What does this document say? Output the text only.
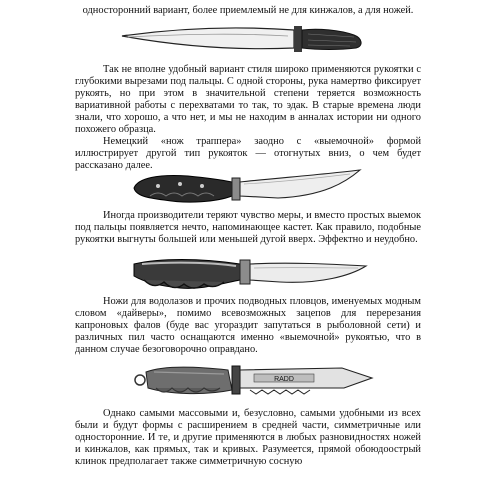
односторонний вариант, более приемлемый не для кинжалов, а для ножей.
Так не вполне удобный вариант стиля широко применяются рукоятки с глубокими вырезами под пальцы. С одной стороны, рука намертво фиксирует рукоять, но при этом в значительной степени теряется возможность вариативной работы с перехватами то так, то эдак. В старые времена люди знали, что хорошо, а что нет, и мы не находим в анналах истории ни одного похожего образца.
Немецкий «нож траппера» заодно с «выемочной» формой иллюстрирует другой тип рукояток — отогнутых вниз, о чем будет рассказано далее.
Иногда производители теряют чувство меры, и вместо простых выемок под пальцы появляется нечто, напоминающее кастет. Как правило, подобные рукоятки выгнуты большей или меньшей дугой вверх. Эффектно и неудобно.
Ножи для водолазов и прочих подводных пловцов, именуемых модным словом «дайверы», помимо всевозможных зацепов для перерезания капроновых фалов (буде вас угораздит запутаться в рыболовной сети) и различных пил часто оснащаются именно «выемочной» рукоятью, что в данном случае безоговорочно оправдано.
RADD
Однако самыми массовыми и, безусловно, самыми удобными из всех были и будут формы с расширением в средней части, симметричные или односторонние. И те, и другие применяются в любых разновидностях ножей и кинжалов, как прямых, так и кривых. Разумеется, прямой обоюдоострый клинок предполагает также симметричную сосную
